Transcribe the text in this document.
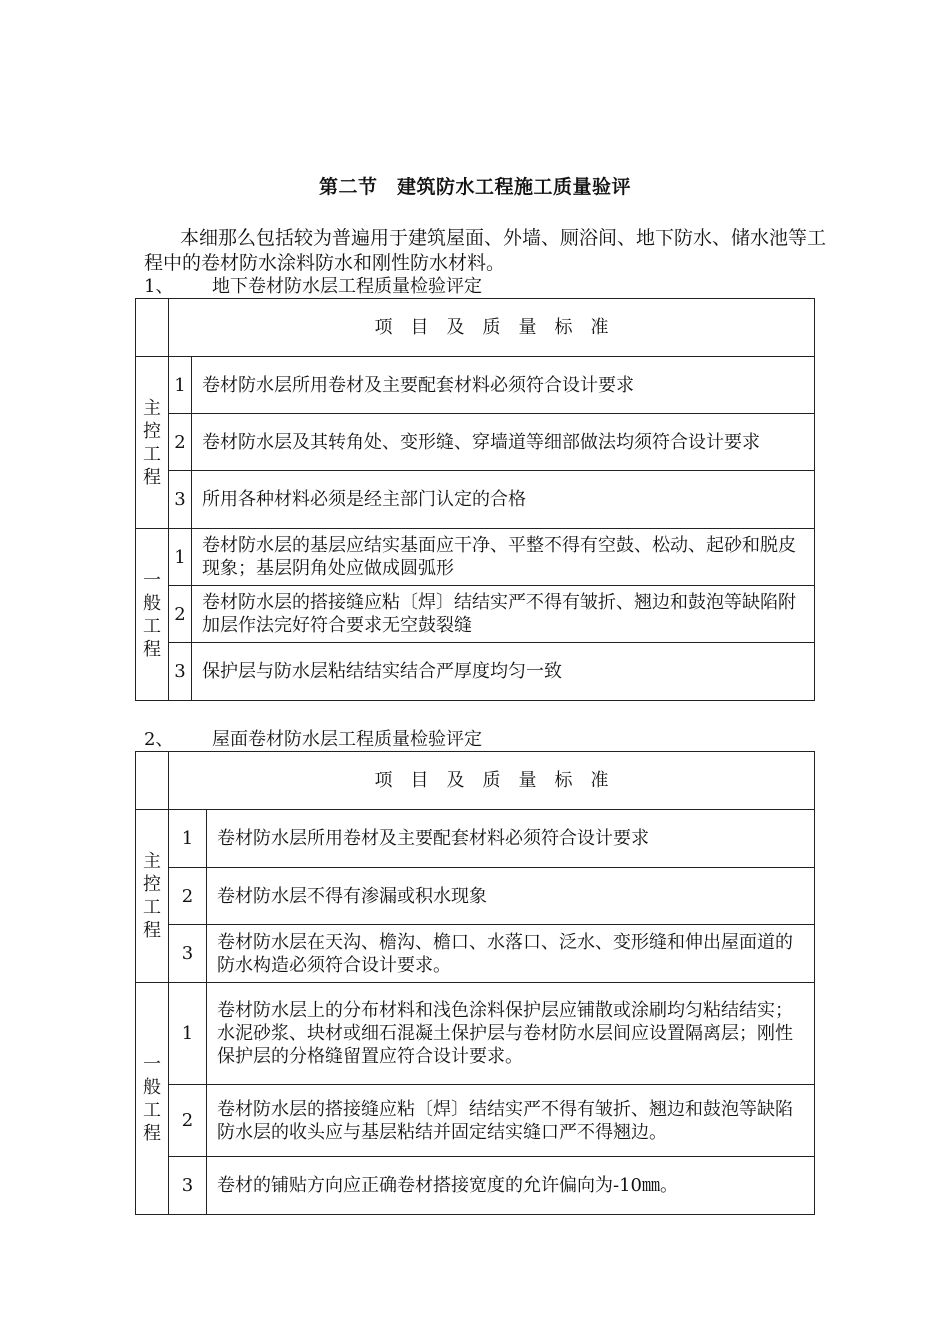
第二节　建筑防水工程施工质量验评

本细那么包括较为普遍用于建筑屋面、外墙、厕浴间、地下防水、储水池等工程中的卷材防水涂料防水和刚性防水材料。

1、 地下卷材防水层工程质量检验评定
	项 目 及 质 量 标 准	

主
控
工
程	1	卷材防水层所用卷材及主要配套材料必须符合设计要求
	2	卷材防水层及其转角处、变形缝、穿墙道等细部做法均须符合设计要求
	3	所用各种材料必须是经主部门认定的合格

一
般
工
程	1	卷材防水层的基层应结实基面应干净、平整不得有空鼓、松动、起砂和脱皮现象；基层阴角处应做成圆弧形
	2	卷材防水层的搭接缝应粘〔焊〕结结实严不得有皱折、翘边和鼓泡等缺陷附加层作法完好符合要求无空鼓裂缝
	3	保护层与防水层粘结结实结合严厚度均匀一致
2、 屋面卷材防水层工程质量检验评定
	项 目 及 质 量 标 准	

主
控
工
程	1	卷材防水层所用卷材及主要配套材料必须符合设计要求
	2	卷材防水层不得有渗漏或积水现象
	3	卷材防水层在天沟、檐沟、檐口、水落口、泛水、变形缝和伸出屋面道的防水构造必须符合设计要求。

一
般
工
程	1	卷材防水层上的分布材料和浅色涂料保护层应铺散或涂刷均匀粘结结实；水泥砂浆、块材或细石混凝土保护层与卷材防水层间应设置隔离层；刚性保护层的分格缝留置应符合设计要求。
	2	卷材防水层的搭接缝应粘〔焊〕结结实严不得有皱折、翘边和鼓泡等缺陷防水层的收头应与基层粘结并固定结实缝口严不得翘边。
	3	卷材的铺贴方向应正确卷材搭接宽度的允许偏向为-10㎜。
